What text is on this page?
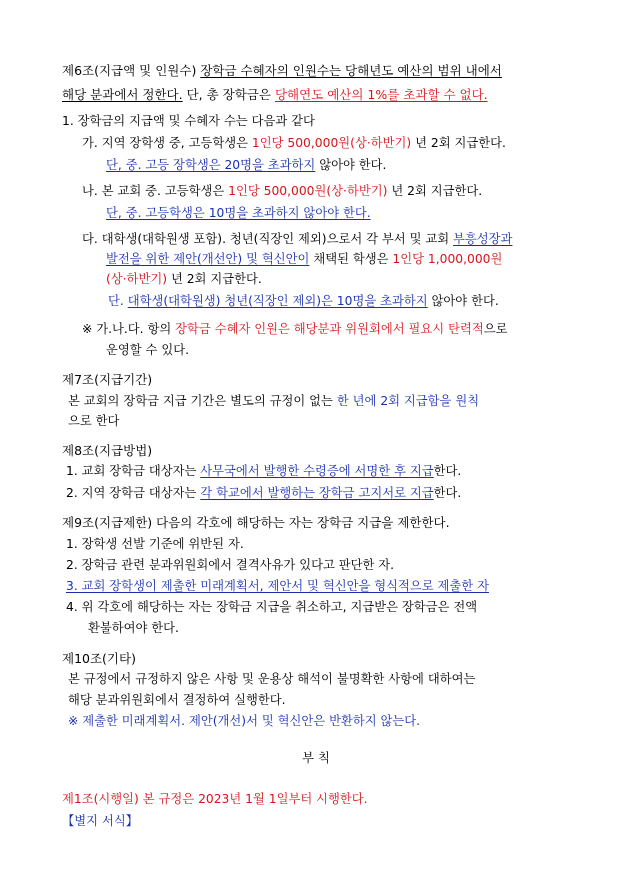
제6조(지급액 및 인원수) 장학금 수혜자의 인원수는 당해년도 예산의 범위 내에서
해당 분과에서 정한다. 단, 총 장학금은 당해연도 예산의 1%를 초과할 수 없다.
1. 장학금의 지급액 및 수혜자 수는 다음과 같다
가. 지역 장학생 중, 고등학생은 1인당 500,000원(상·하반기) 년 2회 지급한다.
단, 중. 고등 장학생은 20명을 초과하지 않아야 한다.
나. 본 교회 중. 고등학생은 1인당 500,000원(상·하반기) 년 2회 지급한다.
단, 중. 고등학생은 10명을 초과하지 않아야 한다.
다. 대학생(대학원생 포함). 청년(직장인 제외)으로서 각 부서 및 교회 부흥성장과
발전을 위한 제안(개선안) 및 혁신안이 채택된 학생은 1인당 1,000,000원
(상·하반기) 년 2회 지급한다.
단. 대학생(대학원생) 청년(직장인 제외)은 10명을 초과하지 않아야 한다.
※ 가.나.다. 항의 장학금 수혜자 인원은 해당분과 위원회에서 필요시 탄력적으로
운영할 수 있다.
제7조(지급기간)
본 교회의 장학금 지급 기간은 별도의 규정이 없는 한 년에 2회 지급함을 원칙
으로 한다
제8조(지급방법)
1. 교회 장학금 대상자는 사무국에서 발행한 수령증에 서명한 후 지급한다.
2. 지역 장학금 대상자는 각 학교에서 발행하는 장학금 고지서로 지급한다.
제9조(지급제한) 다음의 각호에 해당하는 자는 장학금 지급을 제한한다.
1. 장학생 선발 기준에 위반된 자.
2. 장학금 관련 분과위원회에서 결격사유가 있다고 판단한 자.
3. 교회 장학생이 제출한 미래계획서, 제안서 및 혁신안을 형식적으로 제출한 자
4. 위 각호에 해당하는 자는 장학금 지급을 취소하고, 지급받은 장학금은 전액
환불하여야 한다.
제10조(기타)
본 규정에서 규정하지 않은 사항 및 운용상 해석이 불명확한 사항에 대하여는
해당 분과위원회에서 결정하여 실행한다.
※ 제출한 미래계획서. 제안(개선)서 및 혁신안은 반환하지 않는다.
부 칙
제1조(시행일) 본 규정은 2023년 1월 1일부터 시행한다.
【별지 서식】
